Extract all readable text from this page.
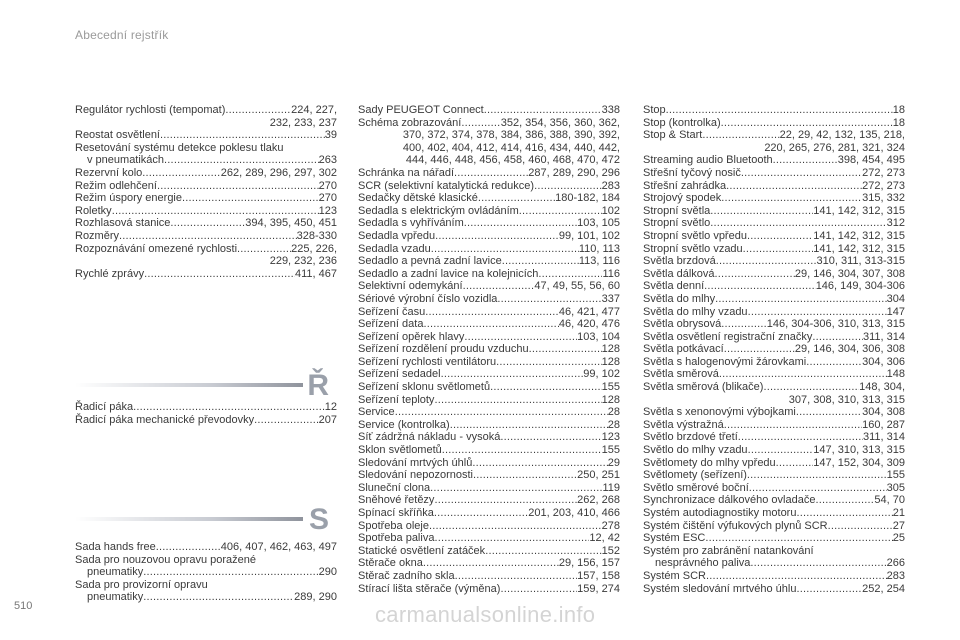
Abecední rejstřík
Regulátor rychlosti (tempomat) .....	224, 227,
232, 233, 237
Reostat osvětlení .....	39
Resetování systému detekce poklesu tlaku
v pneumatikách .....	263
Rezervní kolo .....	262, 289, 296, 297, 302
Režim odlehčení .....	270
Režim úspory energie .....	270
Roletky .....	123
Rozhlasová stanice .....	394, 395, 450, 451
Rozměry .....	328-330
Rozpoznávání omezené rychlosti .....	225, 226,
229, 232, 236
Rychlé zprávy .....	411, 467
Ř
Řadicí páka .....	12
Řadicí páka mechanické převodovky .....	207
S
Sada hands free .....	406, 407, 462, 463, 497
Sada pro nouzovou opravu poražené
pneumatiky .....	290
Sada pro provizorní opravu
pneumatiky .....	289, 290
Sady PEUGEOT Connect .....	338
Schéma zobrazování .....	352, 354, 356, 360, 362,
370, 372, 374, 378, 384, 386, 388, 390, 392,
400, 402, 404, 412, 414, 416, 434, 440, 442,
444, 446, 448, 456, 458, 460, 468, 470, 472
Schránka na nářadí .....	287, 289, 290, 296
SCR (selektivní katalytická redukce) .....	283
Sedačky dětské klasické .....	180-182, 184
Sedadla s elektrickým ovládáním .....	102
Sedadla s vyhříváním .....	103, 105
Sedadla vpředu .....	99, 101, 102
Sedadla vzadu .....	110, 113
Sedadlo a pevná zadní lavice .....	113, 116
Sedadlo a zadní lavice na kolejnicích .....	116
Selektivní odemykání .....	47, 49, 55, 56, 60
Sériové výrobní číslo vozidla .....	337
Seřízení času .....	46, 421, 477
Seřízení data .....	46, 420, 476
Seřízení opěrek hlavy .....	103, 104
Seřízení rozdělení proudu vzduchu .....	128
Seřízení rychlosti ventilátoru .....	128
Seřízení sedadel .....	99, 102
Seřízení sklonu světlometů .....	155
Seřízení teploty .....	128
Service .....	28
Service (kontrolka) .....	28
Síť zádržná nákladu - vysoká .....	123
Sklon světlometů .....	155
Sledování mrtvých úhlů .....	29
Sledování nepozornosti .....	250, 251
Sluneční clona .....	119
Sněhové řetězy .....	262, 268
Spínací skříňka .....	201, 203, 410, 466
Spotřeba oleje .....	278
Spotřeba paliva .....	12, 42
Statické osvětlení zatáček .....	152
Stěrače okna .....	29, 156, 157
Stěrač zadního skla .....	157, 158
Stírací lišta stěrače (výměna) .....	159, 274
Stop .....	18
Stop (kontrolka) .....	18
Stop & Start .....	22, 29, 42, 132, 135, 218,
220, 265, 276, 281, 321, 324
Streaming audio Bluetooth .....	398, 454, 495
Střešní tyčový nosič .....	272, 273
Střešní zahrádka .....	272, 273
Strojový spodek .....	315, 332
Stropní světla .....	141, 142, 312, 315
Stropní světlo .....	312
Stropní světlo vpředu .....	141, 142, 312, 315
Stropní světlo vzadu .....	141, 142, 312, 315
Světla brzdová .....	310, 311, 313-315
Světla dálková .....	29, 146, 304, 307, 308
Světla denní .....	146, 149, 304-306
Světla do mlhy .....	304
Světla do mlhy vzadu .....	147
Světla obrysová .....	146, 304-306, 310, 313, 315
Světla osvětlení registrační značky .....	311, 314
Světla potkávací .....	29, 146, 304, 306, 308
Světla s halogenovými žárovkami .....	304, 306
Světla směrová .....	148
Světla směrová (blikače) .....	148, 304,
307, 308, 310, 313, 315
Světla s xenonovými výbojkami .....	304, 308
Světla výstražná .....	160, 287
Světlo brzdové třetí .....	311, 314
Světlo do mlhy vzadu .....	147, 310, 313, 315
Světlomety do mlhy vpředu .....	147, 152, 304, 309
Světlomety (seřízení) .....	155
Světlo směrové boční .....	305
Synchronizace dálkového ovladače .....	54, 70
Systém autodiagnostiky motoru .....	21
Systém čištění výfukových plynů SCR .....	27
Systém ESC .....	25
Systém pro zabránění natankování
nesprávného paliva .....	266
Systém SCR .....	283
Systém sledování mrtvého úhlu .....	252, 254
510	carmanualsonline.info
